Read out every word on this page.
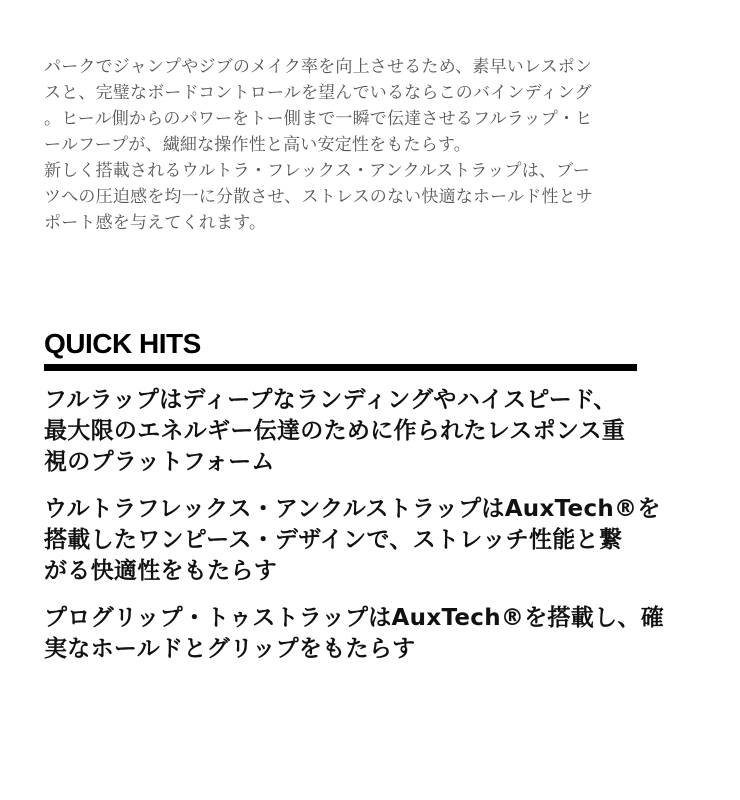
パークでジャンプやジブのメイク率を向上させるため、素早いレスポン
スと、完璧なボードコントロールを望んでいるならこのバインディング
。ヒール側からのパワーをトー側まで一瞬で伝達させるフルラップ・ヒ
ールフープが、繊細な操作性と高い安定性をもたらす。

新しく搭載されるウルトラ・フレックス・アンクルストラップは、ブー
ツへの圧迫感を均一に分散させ、ストレスのない快適なホールド性とサ
ポート感を与えてくれます。

QUICK HITS
フルラップはディープなランディングやハイスピード、
最大限のエネルギー伝達のために作られたレスポンス重
視のプラットフォーム
ウルトラフレックス・アンクルストラップはAuxTech®を
搭載したワンピース・デザインで、ストレッチ性能と繋
がる快適性をもたらす
プログリップ・トゥストラップはAuxTech®を搭載し、確
実なホールドとグリップをもたらす
